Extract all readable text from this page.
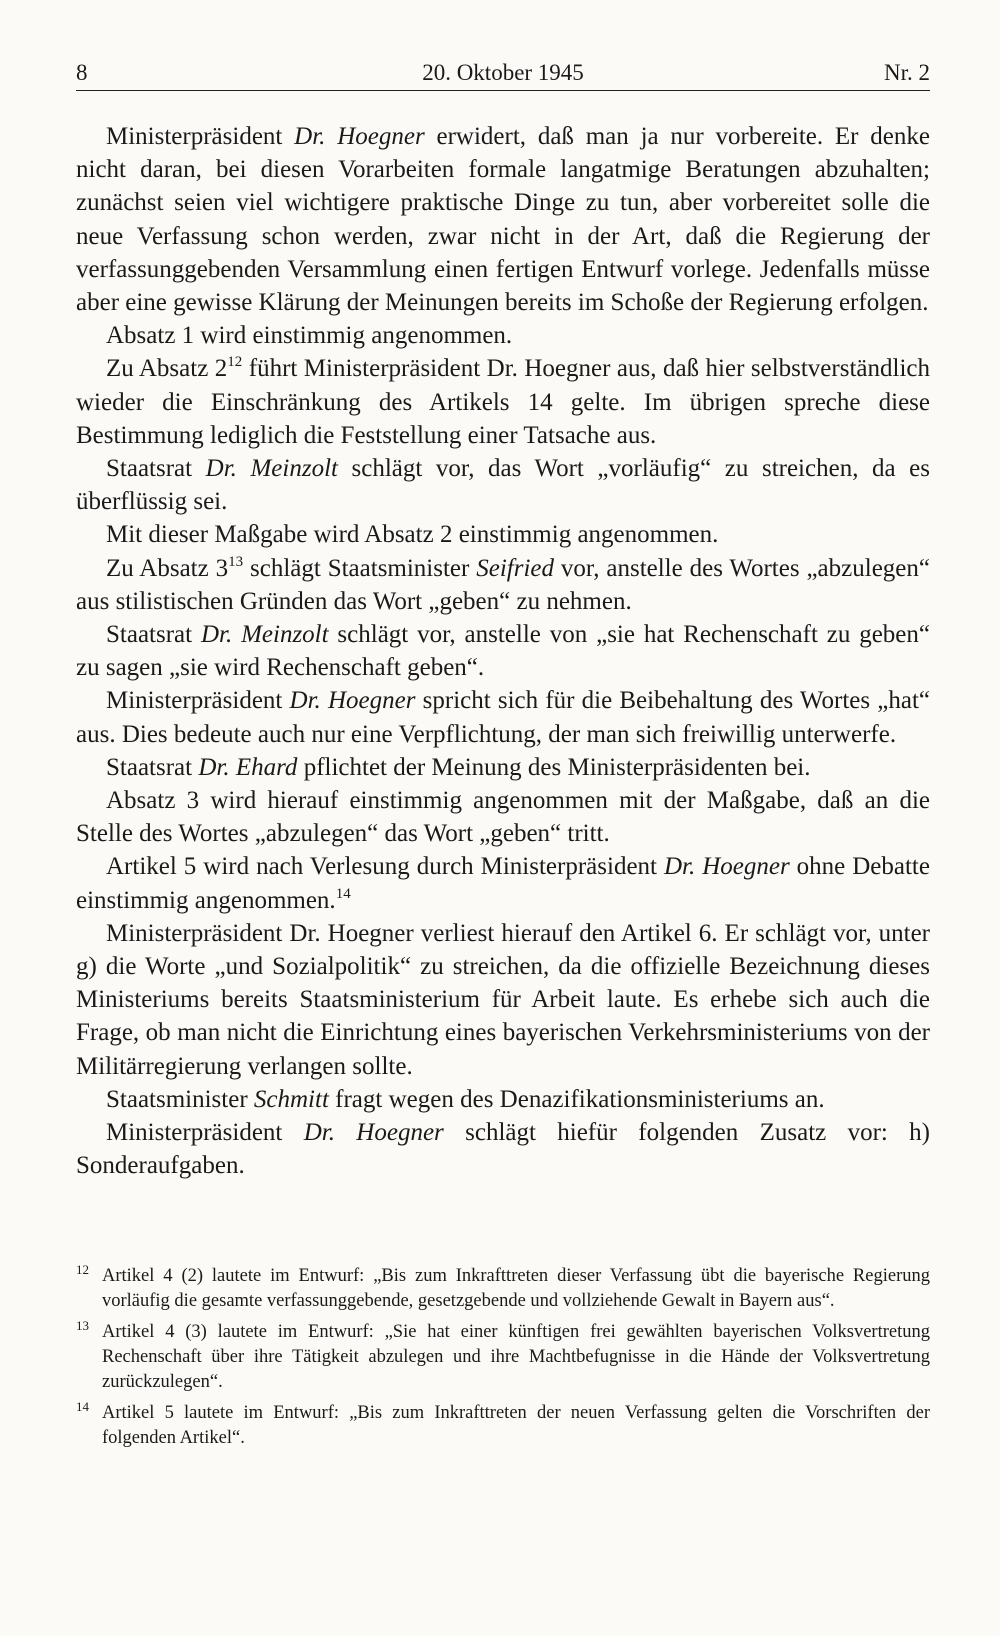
8	20. Oktober 1945	Nr. 2

Ministerpräsident Dr. Hoegner erwidert, daß man ja nur vorbereite. Er denke nicht daran, bei diesen Vorarbeiten formale langatmige Beratungen abzuhalten; zunächst seien viel wichtigere praktische Dinge zu tun, aber vorbereitet solle die neue Verfassung schon werden, zwar nicht in der Art, daß die Regierung der verfassunggebenden Versammlung einen fertigen Entwurf vorlege. Jedenfalls müsse aber eine gewisse Klärung der Meinungen bereits im Schoße der Regierung erfolgen.

Absatz 1 wird einstimmig angenommen.

Zu Absatz $2^{12}$ führt Ministerpräsident Dr. Hoegner aus, daß hier selbstverständlich wieder die Einschränkung des Artikels 14 gelte. Im übrigen spreche diese Bestimmung lediglich die Feststellung einer Tatsache aus.

Staatsrat Dr. Meinzolt schlägt vor, das Wort „vorläufig“ zu streichen, da es überflüssig sei.

Mit dieser Maßgabe wird Absatz 2 einstimmig angenommen.

Zu Absatz $3^{13}$ schlägt Staatsminister Seifried vor, anstelle des Wortes „abzulegen“ aus stilistischen Gründen das Wort „geben“ zu nehmen.

Staatsrat Dr. Meinzolt schlägt vor, anstelle von „sie hat Rechenschaft zu geben“ zu sagen „sie wird Rechenschaft geben“.

Ministerpräsident Dr. Hoegner spricht sich für die Beibehaltung des Wortes „hat“ aus. Dies bedeute auch nur eine Verpflichtung, der man sich freiwillig unterwerfe.

Staatsrat Dr. Ehard pflichtet der Meinung des Ministerpräsidenten bei.

Absatz 3 wird hierauf einstimmig angenommen mit der Maßgabe, daß an die Stelle des Wortes „abzulegen“ das Wort „geben“ tritt.

Artikel 5 wird nach Verlesung durch Ministerpräsident Dr. Hoegner ohne Debatte einstimmig angenommen.$^{14}$

Ministerpräsident Dr. Hoegner verliest hierauf den Artikel 6. Er schlägt vor, unter g) die Worte „und Sozialpolitik“ zu streichen, da die offizielle Bezeichnung dieses Ministeriums bereits Staatsministerium für Arbeit laute. Es erhebe sich auch die Frage, ob man nicht die Einrichtung eines bayerischen Verkehrsministeriums von der Militärregierung verlangen sollte.

Staatsminister Schmitt fragt wegen des Denazifikationsministeriums an.

Ministerpräsident Dr. Hoegner schlägt hiefür folgenden Zusatz vor: h) Sonderaufgaben.

12 Artikel 4 (2) lautete im Entwurf: „Bis zum Inkrafttreten dieser Verfassung übt die bayerische Regierung vorläufig die gesamte verfassunggebende, gesetzgebende und vollziehende Gewalt in Bayern aus“.
13 Artikel 4 (3) lautete im Entwurf: „Sie hat einer künftigen frei gewählten bayerischen Volksvertretung Rechenschaft über ihre Tätigkeit abzulegen und ihre Machtbefugnisse in die Hände der Volksvertretung zurückzulegen“.
14 Artikel 5 lautete im Entwurf: „Bis zum Inkrafttreten der neuen Verfassung gelten die Vorschriften der folgenden Artikel“.
